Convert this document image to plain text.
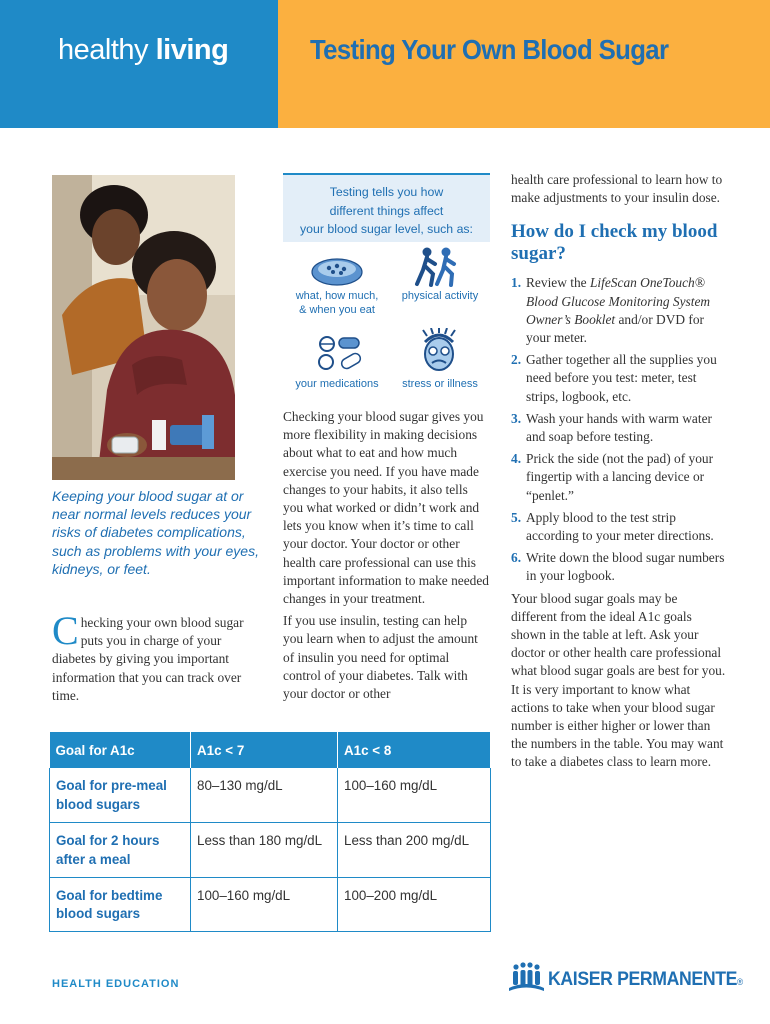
healthy living	Testing Your Own Blood Sugar
Keeping your blood sugar at or near normal levels reduces your risks of diabetes complications, such as problems with your eyes, kidneys, or feet.
C hecking your own blood sugar puts you in charge of your diabetes by giving you important information that you can track over time.
Testing tells you how
different things affect
your blood sugar level, such as:
what, how much,
& when you eat
physical activity
your medications	stress or illness

Checking your blood sugar gives you more flexibility in making decisions about what to eat and how much exercise you need. If you have made changes to your habits, it also tells you what worked or didn’t work and lets you know when it’s time to call your doctor. Your doctor or other health care professional can use this important information to make needed changes in your treatment.

If you use insulin, testing can help you learn when to adjust the amount of insulin you need for optimal control of your diabetes. Talk with your doctor or other

health care professional to learn how to make adjustments to your insulin dose.

How do I check my blood sugar?
1. Review the LifeScan OneTouch® Blood Glucose Monitoring System Owner’s Booklet and/or DVD for your meter.
2. Gather together all the supplies you need before you test: meter, test strips, logbook, etc.
3. Wash your hands with warm water and soap before testing.
4. Prick the side (not the pad) of your fingertip with a lancing device or “penlet.”
5. Apply blood to the test strip according to your meter directions.
6. Write down the blood sugar numbers in your logbook.

Your blood sugar goals may be different from the ideal A1c goals shown in the table at left. Ask your doctor or other health care professional what blood sugar goals are best for you. It is very important to know what actions to take when your blood sugar number is either higher or lower than the numbers in the table. You may want to take a diabetes class to learn more.

Goal for A1c	A1c < 7	A1c < 8
Goal for pre-meal blood sugars	80–130 mg/dL	100–160 mg/dL
Goal for 2 hours after a meal	Less than 180 mg/dL	Less than 200 mg/dL
Goal for bedtime blood sugars	100–160 mg/dL	100–200 mg/dL
HEALTH EDUCATION	KAISER PERMANENTE®
